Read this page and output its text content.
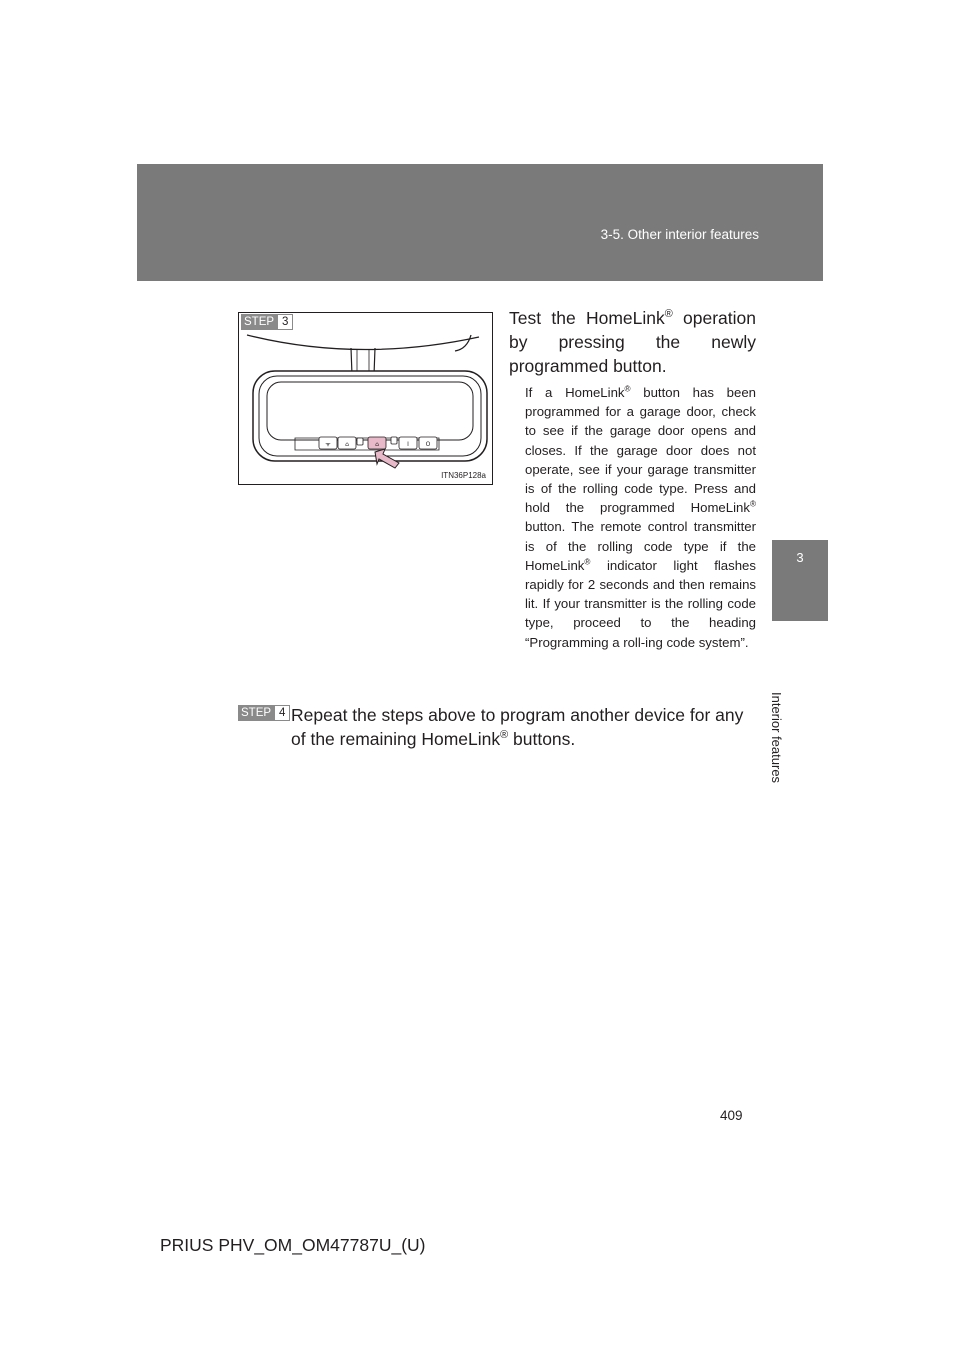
3-5. Other interior features
3
Interior features
STEP 3
ᯤ ⌂	⌂	I	O
ITN36P128a
Test the HomeLink® operation by pressing the newly programmed button.
If a HomeLink® button has been programmed for a garage door, check to see if the garage door opens and closes. If the garage door does not operate, see if your garage transmitter is of the rolling code type. Press and hold the programmed HomeLink® button. The remote control transmitter is of the rolling code type if the HomeLink® indicator light flashes rapidly for 2 seconds and then remains lit. If your transmitter is the rolling code type, proceed to the heading “Programming a roll-ing code system”.
STEP 4 Repeat the steps above to program another device for any of the remaining HomeLink® buttons.
409
PRIUS PHV_OM_OM47787U_(U)
